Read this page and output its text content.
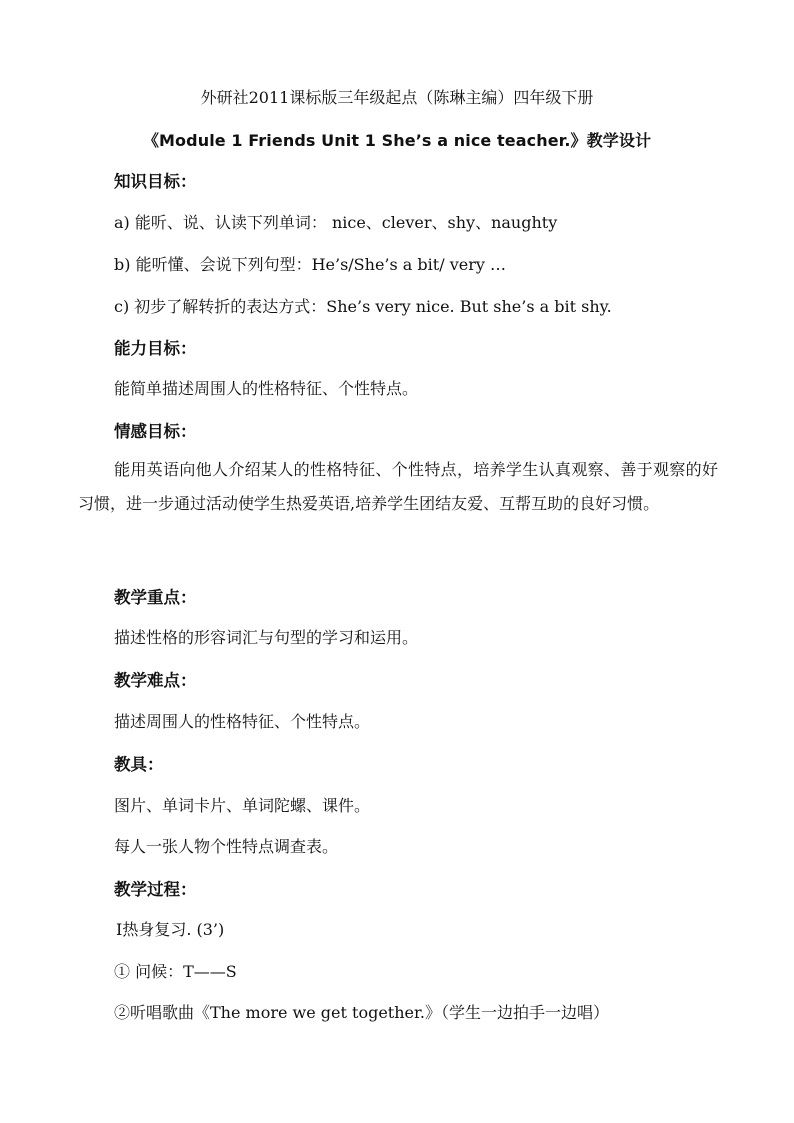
外研社2011课标版三年级起点（陈琳主编）四年级下册
《Module 1 Friends Unit 1 She’s a nice teacher.》教学设计
知识目标：
a) 能听、说、认读下列单词： nice、clever、shy、naughty
b) 能听懂、会说下列句型：He’s/She’s a bit/ very …
c) 初步了解转折的表达方式：She’s very nice. But she’s a bit shy.
能力目标：
能简单描述周围人的性格特征、个性特点。
情感目标：
能用英语向他人介绍某人的性格特征、个性特点，培养学生认真观察、善于观察的好习惯，进一步通过活动使学生热爱英语,培养学生团结友爱、互帮互助的良好习惯。
教学重点：
描述性格的形容词汇与句型的学习和运用。
教学难点：
描述周围人的性格特征、个性特点。
教具：
图片、单词卡片、单词陀螺、课件。
每人一张人物个性特点调查表。
教学过程：
Ⅰ热身复习. (3’)
① 问候：T——S
②听唱歌曲《The more we get together.》（学生一边拍手一边唱）
